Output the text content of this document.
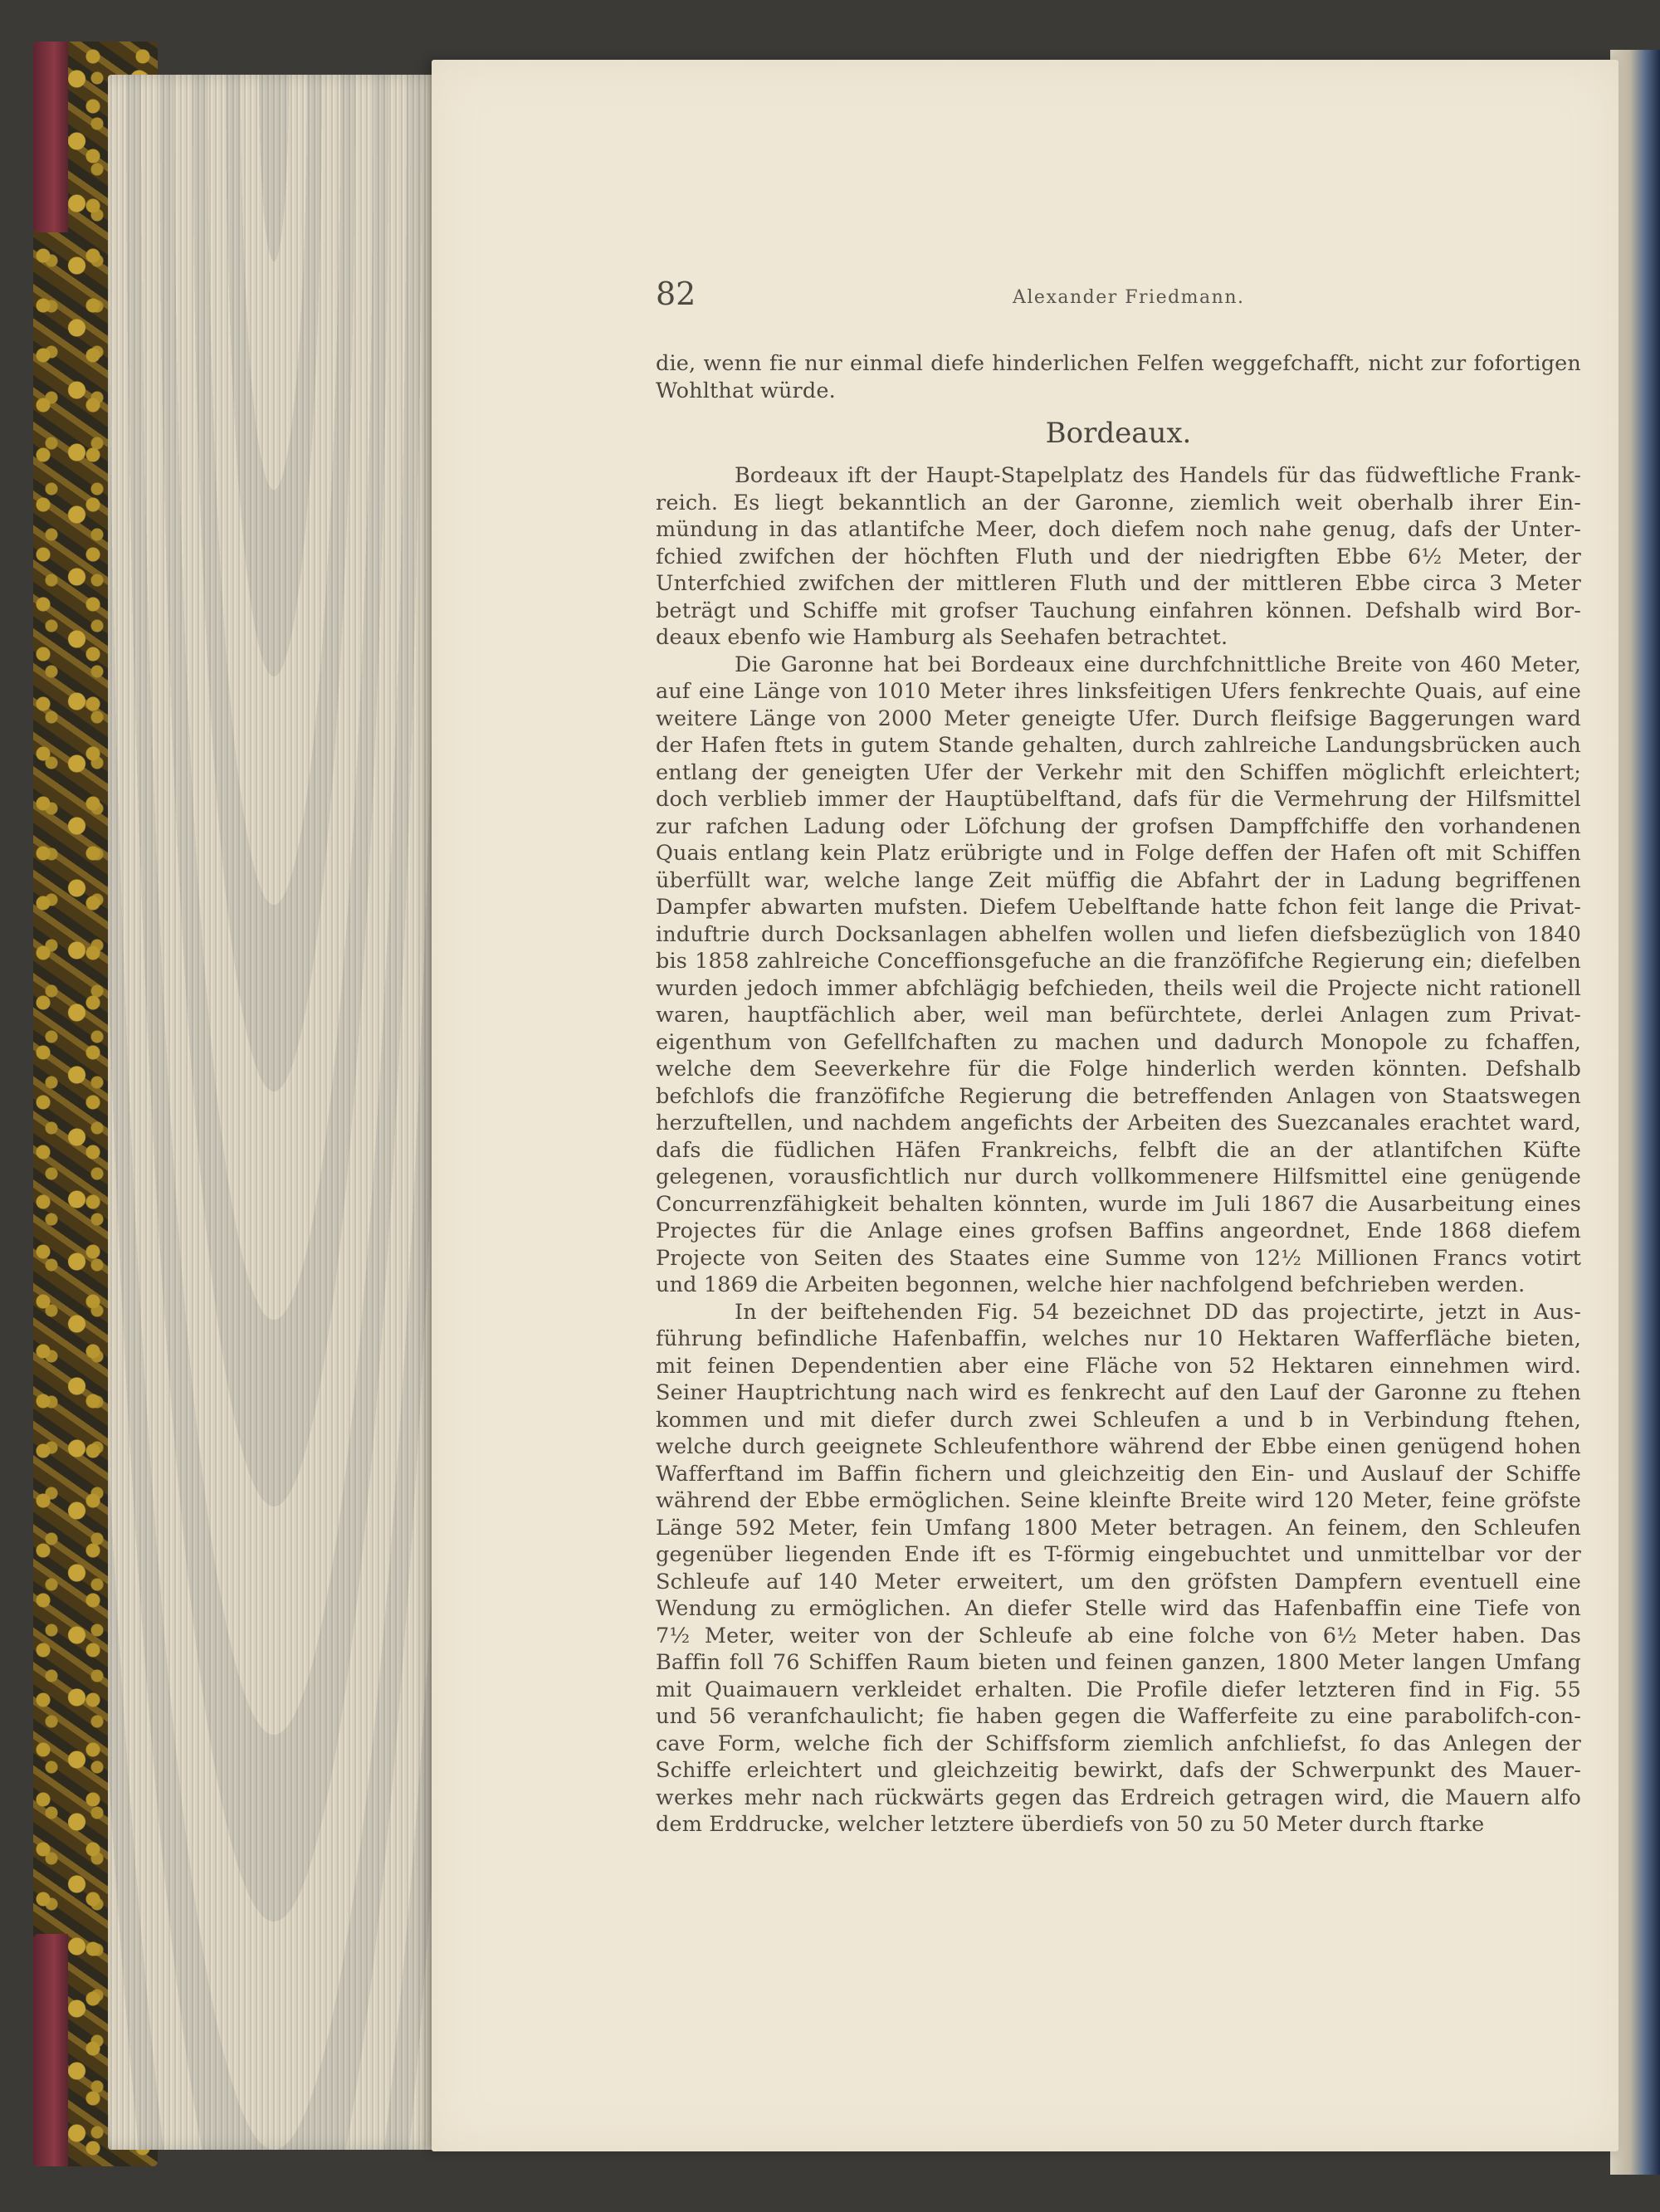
82	Alexander Friedmann.
die, wenn fie nur einmal diefe hinderlichen Felfen weggefchafft, nicht zur fofortigen
Wohlthat würde.
Bordeaux.
Bordeaux ift der Haupt-Stapelplatz des Handels für das füdweftliche Frank-
reich. Es liegt bekanntlich an der Garonne, ziemlich weit oberhalb ihrer Ein-
mündung in das atlantifche Meer, doch diefem noch nahe genug, dafs der Unter-
fchied zwifchen der höchften Fluth und der niedrigften Ebbe 6½ Meter, der
Unterfchied zwifchen der mittleren Fluth und der mittleren Ebbe circa 3 Meter
beträgt und Schiffe mit grofser Tauchung einfahren können. Defshalb wird Bor-
deaux ebenfo wie Hamburg als Seehafen betrachtet.
Die Garonne hat bei Bordeaux eine durchfchnittliche Breite von 460 Meter,
auf eine Länge von 1010 Meter ihres linksfeitigen Ufers fenkrechte Quais, auf eine
weitere Länge von 2000 Meter geneigte Ufer. Durch fleifsige Baggerungen ward
der Hafen ftets in gutem Stande gehalten, durch zahlreiche Landungsbrücken auch
entlang der geneigten Ufer der Verkehr mit den Schiffen möglichft erleichtert;
doch verblieb immer der Hauptübelftand, dafs für die Vermehrung der Hilfsmittel
zur rafchen Ladung oder Löfchung der grofsen Dampffchiffe den vorhandenen
Quais entlang kein Platz erübrigte und in Folge deffen der Hafen oft mit Schiffen
überfüllt war, welche lange Zeit müffig die Abfahrt der in Ladung begriffenen
Dampfer abwarten mufsten. Diefem Uebelftande hatte fchon feit lange die Privat-
induftrie durch Docksanlagen abhelfen wollen und liefen diefsbezüglich von 1840
bis 1858 zahlreiche Conceffionsgefuche an die franzöfifche Regierung ein; diefelben
wurden jedoch immer abfchlägig befchieden, theils weil die Projecte nicht rationell
waren, hauptfächlich aber, weil man befürchtete, derlei Anlagen zum Privat-
eigenthum von Gefellfchaften zu machen und dadurch Monopole zu fchaffen,
welche dem Seeverkehre für die Folge hinderlich werden könnten. Defshalb
befchlofs die franzöfifche Regierung die betreffenden Anlagen von Staatswegen
herzuftellen, und nachdem angefichts der Arbeiten des Suezcanales erachtet ward,
dafs die füdlichen Häfen Frankreichs, felbft die an der atlantifchen Küfte
gelegenen, vorausfichtlich nur durch vollkommenere Hilfsmittel eine genügende
Concurrenzfähigkeit behalten könnten, wurde im Juli 1867 die Ausarbeitung eines
Projectes für die Anlage eines grofsen Baffins angeordnet, Ende 1868 diefem
Projecte von Seiten des Staates eine Summe von 12½ Millionen Francs votirt
und 1869 die Arbeiten begonnen, welche hier nachfolgend befchrieben werden.
In der beiftehenden Fig. 54 bezeichnet DD das projectirte, jetzt in Aus-
führung befindliche Hafenbaffin, welches nur 10 Hektaren Wafferfläche bieten,
mit feinen Dependentien aber eine Fläche von 52 Hektaren einnehmen wird.
Seiner Hauptrichtung nach wird es fenkrecht auf den Lauf der Garonne zu ftehen
kommen und mit diefer durch zwei Schleufen a und b in Verbindung ftehen,
welche durch geeignete Schleufenthore während der Ebbe einen genügend hohen
Wafferftand im Baffin fichern und gleichzeitig den Ein- und Auslauf der Schiffe
während der Ebbe ermöglichen. Seine kleinfte Breite wird 120 Meter, feine gröfste
Länge 592 Meter, fein Umfang 1800 Meter betragen. An feinem, den Schleufen
gegenüber liegenden Ende ift es T-förmig eingebuchtet und unmittelbar vor der
Schleufe auf 140 Meter erweitert, um den gröfsten Dampfern eventuell eine
Wendung zu ermöglichen. An diefer Stelle wird das Hafenbaffin eine Tiefe von
7½ Meter, weiter von der Schleufe ab eine folche von 6½ Meter haben. Das
Baffin foll 76 Schiffen Raum bieten und feinen ganzen, 1800 Meter langen Umfang
mit Quaimauern verkleidet erhalten. Die Profile diefer letzteren find in Fig. 55
und 56 veranfchaulicht; fie haben gegen die Wafferfeite zu eine parabolifch-con-
cave Form, welche fich der Schiffsform ziemlich anfchliefst, fo das Anlegen der
Schiffe erleichtert und gleichzeitig bewirkt, dafs der Schwerpunkt des Mauer-
werkes mehr nach rückwärts gegen das Erdreich getragen wird, die Mauern alfo
dem Erddrucke, welcher letztere überdiefs von 50 zu 50 Meter durch ftarke
